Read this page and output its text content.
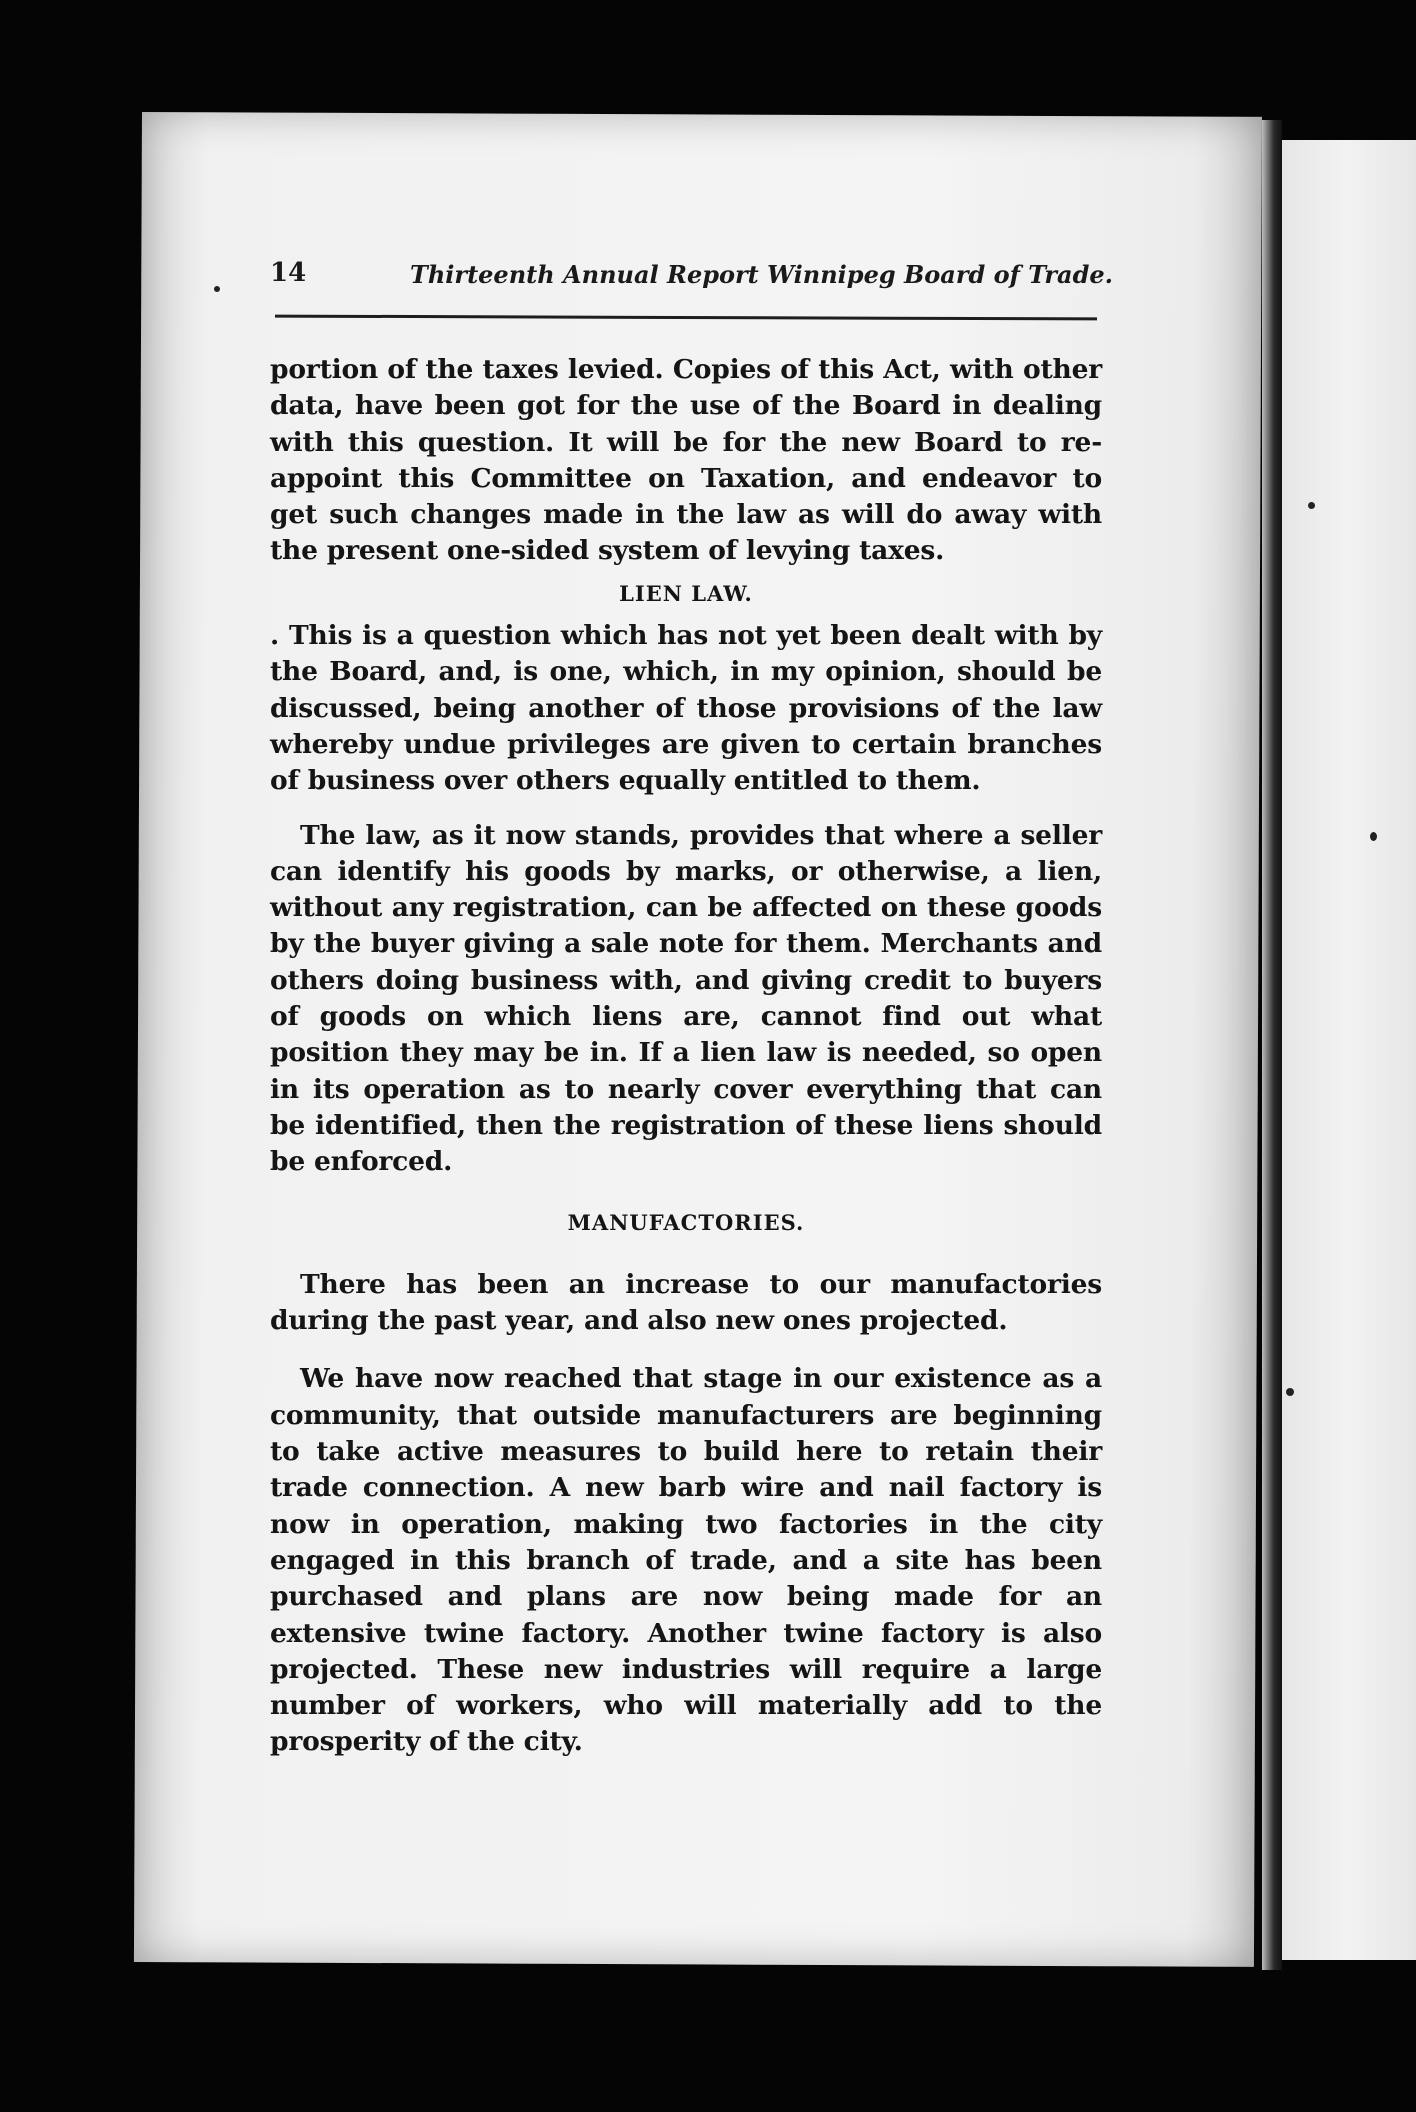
14	Thirteenth Annual Report Winnipeg Board of Trade.

portion of the taxes levied. Copies of this Act, with other data, have been got for the use of the Board in dealing with this question. It will be for the new Board to re-appoint this Committee on Taxation, and endeavor to get such changes made in the law as will do away with the present one-sided system of levying taxes.

LIEN LAW.

. This is a question which has not yet been dealt with by the Board, and, is one, which, in my opinion, should be discussed, being another of those provisions of the law whereby undue privileges are given to certain branches of business over others equally entitled to them.

The law, as it now stands, provides that where a seller can identify his goods by marks, or otherwise, a lien, without any registration, can be affected on these goods by the buyer giving a sale note for them. Merchants and others doing business with, and giving credit to buyers of goods on which liens are, cannot find out what position they may be in. If a lien law is needed, so open in its operation as to nearly cover everything that can be identified, then the registration of these liens should be enforced.

MANUFACTORIES.

There has been an increase to our manufactories during the past year, and also new ones projected.

We have now reached that stage in our existence as a community, that outside manufacturers are beginning to take active measures to build here to retain their trade connection. A new barb wire and nail factory is now in operation, making two factories in the city engaged in this branch of trade, and a site has been purchased and plans are now being made for an extensive twine factory. Another twine factory is also projected. These new industries will require a large number of workers, who will materially add to the prosperity of the city.
